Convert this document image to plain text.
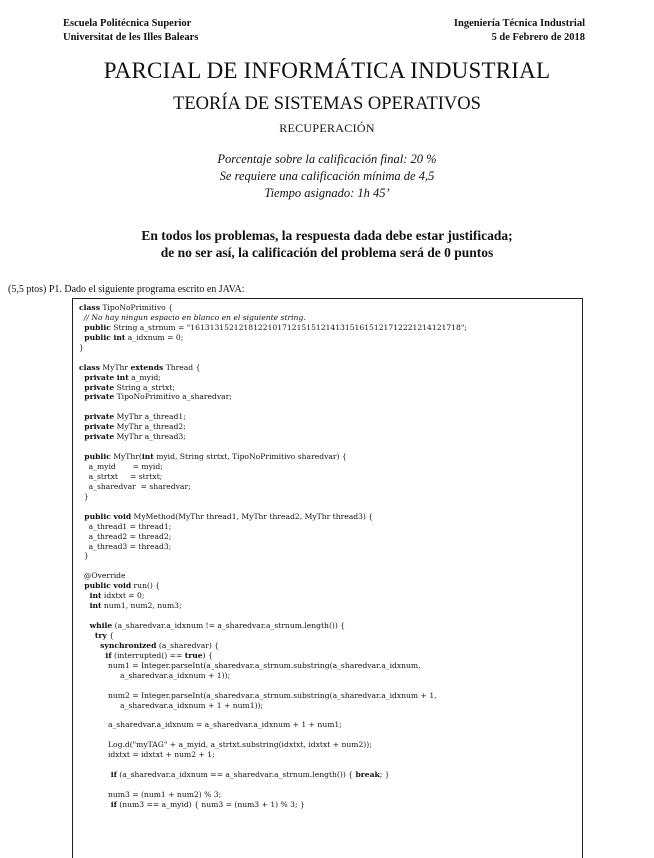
Escuela Politécnica Superior
Universitat de les Illes Balears
Ingeniería Técnica Industrial
5 de Febrero de 2018
PARCIAL DE INFORMÁTICA INDUSTRIAL
TEORÍA DE SISTEMAS OPERATIVOS
RECUPERACIÓN
Porcentaje sobre la calificación final: 20 %
Se requiere una calificación mínima de 4,5
Tiempo asignado: 1h 45’
En todos los problemas, la respuesta dada debe estar justificada;
de no ser así, la calificación del problema será de 0 puntos
(5,5 ptos) P1. Dado el siguiente programa escrito en JAVA:
class TipoNoPrimitivo {
// No hay ningun espacio en blanco en el siguiente string.
public String a_strnum = "16131315212181221017121515121413151615121712221214121718";
public int a_idxnum = 0;
}
class MyThr extends Thread {
private int a_myid;
private String a_strtxt;
private TipoNoPrimitivo a_sharedvar;
private MyThr a_thread1;
private MyThr a_thread2;
private MyThr a_thread3;
public MyThr(int myid, String strtxt, TipoNoPrimitivo sharedvar) {
a_myid       = myid;
a_strtxt     = strtxt;
a_sharedvar  = sharedvar;
}
public void MyMethod(MyThr thread1, MyThr thread2, MyThr thread3) {
a_thread1 = thread1;
a_thread2 = thread2;
a_thread3 = thread3;
}
@Override
public void run() {
int idxtxt = 0;
int num1, num2, num3;
while (a_sharedvar.a_idxnum != a_sharedvar.a_strnum.length()) {
try {
synchronized (a_sharedvar) {
if (interrupted() == true) {
num1 = Integer.parseInt(a_sharedvar.a_strnum.substring(a_sharedvar.a_idxnum,
a_sharedvar.a_idxnum + 1));
num2 = Integer.parseInt(a_sharedvar.a_strnum.substring(a_sharedvar.a_idxnum + 1,
a_sharedvar.a_idxnum + 1 + num1));
a_sharedvar.a_idxnum = a_sharedvar.a_idxnum + 1 + num1;
Log.d("myTAG" + a_myid, a_strtxt.substring(idxtxt, idxtxt + num2));
idxtxt = idxtxt + num2 + 1;
if (a_sharedvar.a_idxnum == a_sharedvar.a_strnum.length()) { break; }
num3 = (num1 + num2) % 3;
if (num3 == a_myid) { num3 = (num3 + 1) % 3; }
